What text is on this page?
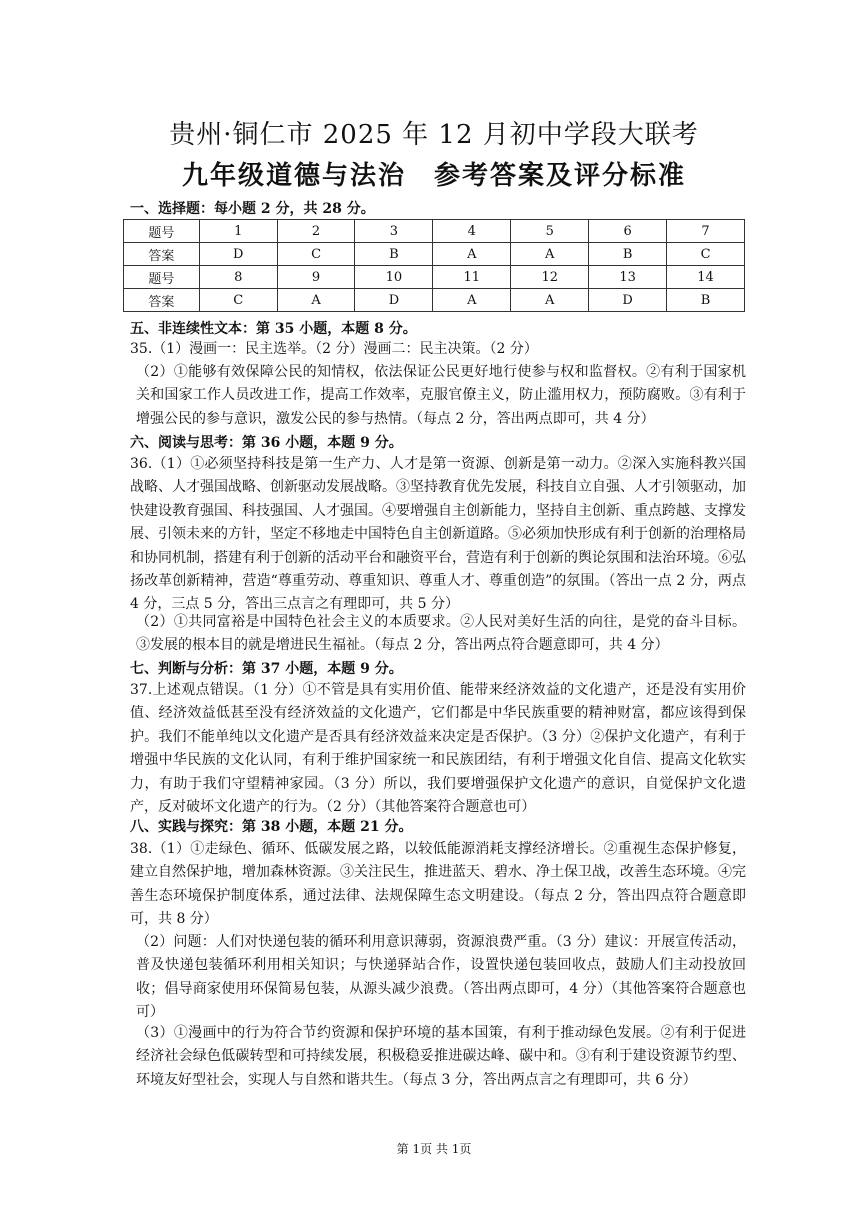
贵州·铜仁市 2025 年 12 月初中学段大联考
九年级道德与法治 参考答案及评分标准
一、选择题：每小题 2 分，共 28 分。
题号	1	2	3	4	5	6	7
答案	D	C	B	A	A	B	C
题号	8	9	10	11	12	13	14
答案	C	A	D	A	A	D	B
五、非连续性文本：第 35 小题，本题 8 分。
35.（1）漫画一：民主选举。（2 分）漫画二：民主决策。（2 分）
（2）①能够有效保障公民的知情权，依法保证公民更好地行使参与权和监督权。②有利于国家机关和国家工作人员改进工作，提高工作效率，克服官僚主义，防止滥用权力，预防腐败。③有利于增强公民的参与意识，激发公民的参与热情。（每点 2 分，答出两点即可，共 4 分）
六、阅读与思考：第 36 小题，本题 9 分。
36.（1）①必须坚持科技是第一生产力、人才是第一资源、创新是第一动力。②深入实施科教兴国战略、人才强国战略、创新驱动发展战略。③坚持教育优先发展，科技自立自强、人才引领驱动，加快建设教育强国、科技强国、人才强国。④要增强自主创新能力，坚持自主创新、重点跨越、支撑发展、引领未来的方针，坚定不移地走中国特色自主创新道路。⑤必须加快形成有利于创新的治理格局和协同机制，搭建有利于创新的活动平台和融资平台，营造有利于创新的舆论氛围和法治环境。⑥弘扬改革创新精神，营造“尊重劳动、尊重知识、尊重人才、尊重创造”的氛围。（答出一点 2 分，两点 4 分，三点 5 分，答出三点言之有理即可，共 5 分）
（2）①共同富裕是中国特色社会主义的本质要求。②人民对美好生活的向往，是党的奋斗目标。③发展的根本目的就是增进民生福祉。（每点 2 分，答出两点符合题意即可，共 4 分）
七、判断与分析：第 37 小题，本题 9 分。
37.上述观点错误。（1 分）①不管是具有实用价值、能带来经济效益的文化遗产，还是没有实用价值、经济效益低甚至没有经济效益的文化遗产，它们都是中华民族重要的精神财富，都应该得到保护。我们不能单纯以文化遗产是否具有经济效益来决定是否保护。（3 分）②保护文化遗产，有利于增强中华民族的文化认同，有利于维护国家统一和民族团结，有利于增强文化自信、提高文化软实力，有助于我们守望精神家园。（3 分）所以，我们要增强保护文化遗产的意识，自觉保护文化遗产，反对破坏文化遗产的行为。（2 分）（其他答案符合题意也可）
八、实践与探究：第 38 小题，本题 21 分。
38.（1）①走绿色、循环、低碳发展之路，以较低能源消耗支撑经济增长。②重视生态保护修复，建立自然保护地，增加森林资源。③关注民生，推进蓝天、碧水、净土保卫战，改善生态环境。④完善生态环境保护制度体系，通过法律、法规保障生态文明建设。（每点 2 分，答出四点符合题意即可，共 8 分）
（2）问题：人们对快递包装的循环利用意识薄弱，资源浪费严重。（3 分）建议：开展宣传活动，普及快递包装循环利用相关知识；与快递驿站合作，设置快递包装回收点，鼓励人们主动投放回收；倡导商家使用环保简易包装，从源头减少浪费。（答出两点即可，4 分）（其他答案符合题意也可）
（3）①漫画中的行为符合节约资源和保护环境的基本国策，有利于推动绿色发展。②有利于促进经济社会绿色低碳转型和可持续发展，积极稳妥推进碳达峰、碳中和。③有利于建设资源节约型、环境友好型社会，实现人与自然和谐共生。（每点 3 分，答出两点言之有理即可，共 6 分）
第 1页 共 1页
